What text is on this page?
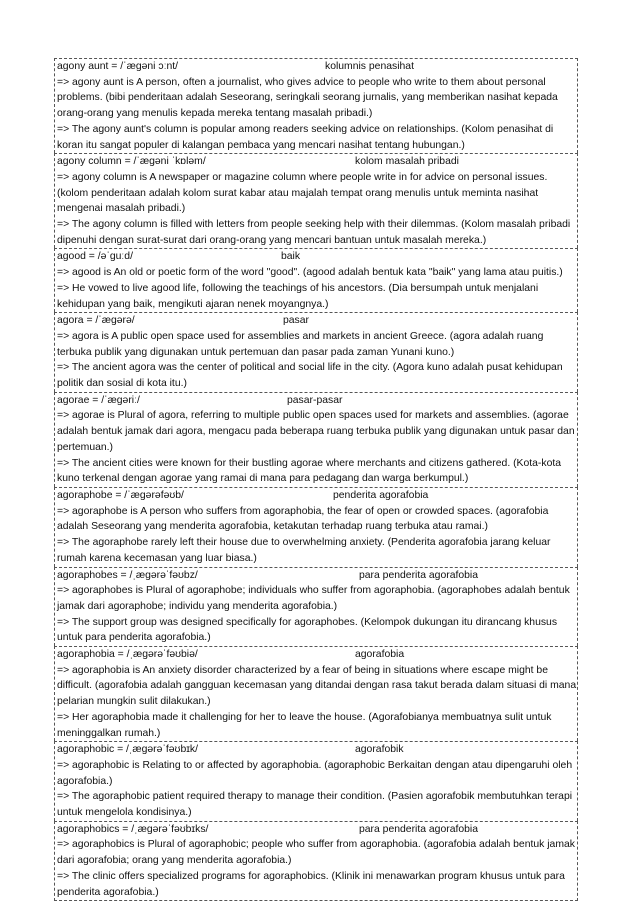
agony aunt = /ˈæɡəni ɔːnt/	kolumnis penasihat

=> agony aunt is A person, often a journalist, who gives advice to people who write to them about personal problems. (bibi penderitaan adalah Seseorang, seringkali seorang jurnalis, yang memberikan nasihat kepada orang-orang yang menulis kepada mereka tentang masalah pribadi.)

=> The agony aunt's column is popular among readers seeking advice on relationships. (Kolom penasihat di koran itu sangat populer di kalangan pembaca yang mencari nasihat tentang hubungan.)

agony column = /ˈæɡəni ˈkɒləm/	kolom masalah pribadi

=> agony column is A newspaper or magazine column where people write in for advice on personal issues. (kolom penderitaan adalah kolom surat kabar atau majalah tempat orang menulis untuk meminta nasihat mengenai masalah pribadi.)

=> The agony column is filled with letters from people seeking help with their dilemmas. (Kolom masalah pribadi dipenuhi dengan surat-surat dari orang-orang yang mencari bantuan untuk masalah mereka.)

agood = /əˈɡuːd/	baik

=> agood is An old or poetic form of the word "good". (agood adalah bentuk kata "baik" yang lama atau puitis.)

=> He vowed to live agood life, following the teachings of his ancestors. (Dia bersumpah untuk menjalani kehidupan yang baik, mengikuti ajaran nenek moyangnya.)

agora = /ˈæɡərə/	pasar

=> agora is A public open space used for assemblies and markets in ancient Greece. (agora adalah ruang terbuka publik yang digunakan untuk pertemuan dan pasar pada zaman Yunani kuno.)

=> The ancient agora was the center of political and social life in the city. (Agora kuno adalah pusat kehidupan politik dan sosial di kota itu.)

agorae = /ˈæɡəriː/	pasar-pasar

=> agorae is Plural of agora, referring to multiple public open spaces used for markets and assemblies. (agorae adalah bentuk jamak dari agora, mengacu pada beberapa ruang terbuka publik yang digunakan untuk pasar dan pertemuan.)

=> The ancient cities were known for their bustling agorae where merchants and citizens gathered. (Kota-kota kuno terkenal dengan agorae yang ramai di mana para pedagang dan warga berkumpul.)

agoraphobe = /ˈæɡərəfəʊb/	penderita agorafobia

=> agoraphobe is A person who suffers from agoraphobia, the fear of open or crowded spaces. (agorafobia adalah Seseorang yang menderita agorafobia, ketakutan terhadap ruang terbuka atau ramai.)

=> The agoraphobe rarely left their house due to overwhelming anxiety. (Penderita agorafobia jarang keluar rumah karena kecemasan yang luar biasa.)

agoraphobes = /ˌæɡərəˈfəʊbz/	para penderita agorafobia

=> agoraphobes is Plural of agoraphobe; individuals who suffer from agoraphobia. (agoraphobes adalah bentuk jamak dari agoraphobe; individu yang menderita agorafobia.)

=> The support group was designed specifically for agoraphobes. (Kelompok dukungan itu dirancang khusus untuk para penderita agorafobia.)

agoraphobia = /ˌæɡərəˈfəʊbiə/	agorafobia

=> agoraphobia is An anxiety disorder characterized by a fear of being in situations where escape might be difficult. (agorafobia adalah gangguan kecemasan yang ditandai dengan rasa takut berada dalam situasi di mana pelarian mungkin sulit dilakukan.)

=> Her agoraphobia made it challenging for her to leave the house. (Agorafobianya membuatnya sulit untuk meninggalkan rumah.)

agoraphobic = /ˌæɡərəˈfəʊbɪk/	agorafobik

=> agoraphobic is Relating to or affected by agoraphobia. (agoraphobic Berkaitan dengan atau dipengaruhi oleh agorafobia.)

=> The agoraphobic patient required therapy to manage their condition. (Pasien agorafobik membutuhkan terapi untuk mengelola kondisinya.)

agoraphobics = /ˌæɡərəˈfəʊbɪks/	para penderita agorafobia

=> agoraphobics is Plural of agoraphobic; people who suffer from agoraphobia. (agorafobia adalah bentuk jamak dari agorafobia; orang yang menderita agorafobia.)

=> The clinic offers specialized programs for agoraphobics. (Klinik ini menawarkan program khusus untuk para penderita agorafobia.)
